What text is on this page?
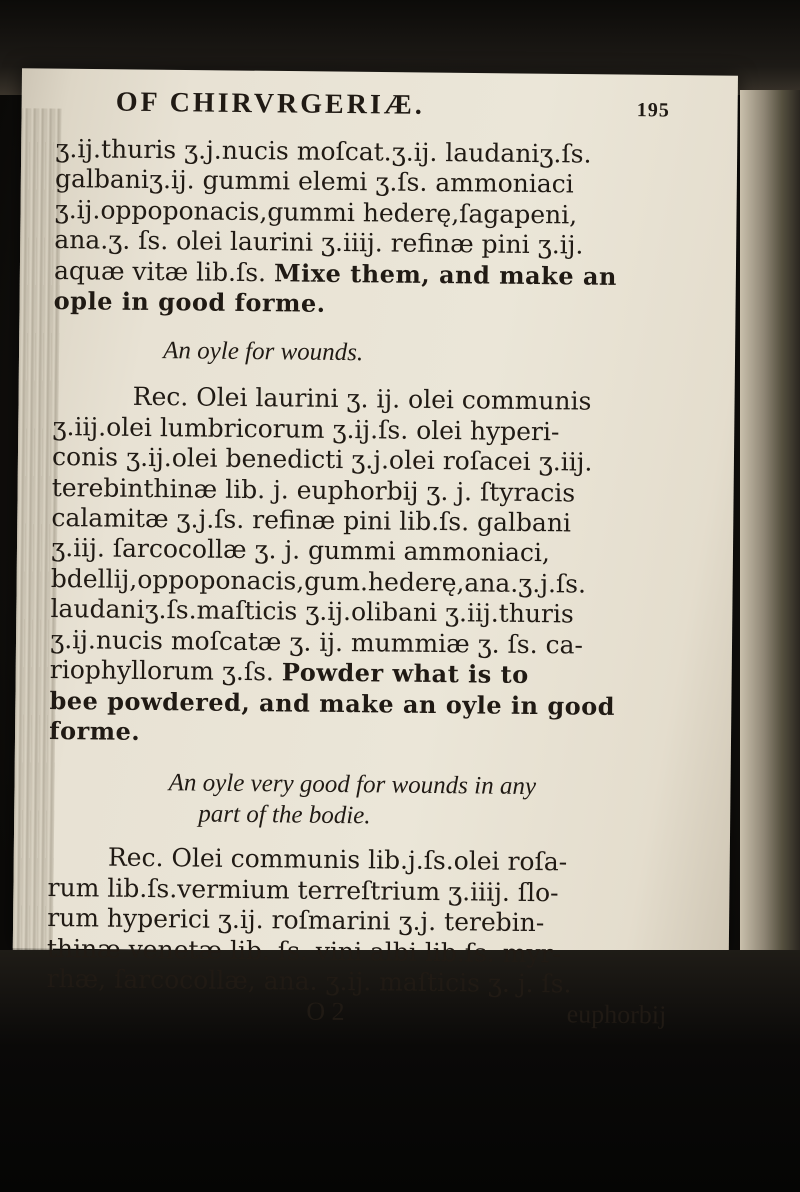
OF CHIRVRGERIÆ.	195
ʒ.ij.thuris ʒ.j.nucis moſcat.ʒ.ij. laudaniʒ.ſs.
galbaniʒ.ij. gummi elemi ʒ.ſs. ammoniaci
ʒ.ij.oppoponacis,gummi hederę,ſagapeni,
ana.ʒ. ſs. olei laurini ʒ.iiij. refinæ pini ʒ.ij.
aquæ vitæ lib.ſs. Mixe them, and make an
ople in good forme.
An oyle for wounds.
Rec. Olei laurini ʒ. ij. olei communis
ʒ.iij.olei lumbricorum ʒ.ij.ſs. olei hyperi-
conis ʒ.ij.olei benedicti ʒ.j.olei roſacei ʒ.iij.
terebinthinæ lib. j. euphorbij ʒ. j. ſtyracis
calamitæ ʒ.j.ſs. refinæ pini lib.ſs. galbani
ʒ.iij. ſarcocollæ ʒ. j. gummi ammoniaci,
bdellij,oppoponacis,gum.hederę,ana.ʒ.j.ſs.
laudaniʒ.ſs.maſticis ʒ.ij.olibani ʒ.iij.thuris
ʒ.ij.nucis moſcatæ ʒ. ij. mummiæ ʒ. ſs. ca-
riophyllorum ʒ.ſs. Powder what is to
bee powdered, and make an oyle in good
forme.
An oyle very good for wounds in any
part of the bodie.
Rec. Olei communis lib.j.ſs.olei roſa-
rum lib.ſs.vermium terreſtrium ʒ.iiij. ſlo-
rum hyperici ʒ.ij. roſmarini ʒ.j. terebin-
thinæ venetæ lib. ſs. vini albi lib.ſs. myr-
rhæ, ſarcocollæ, ana. ʒ.ij. maſticis ʒ. j. ſs.
O 2	euphorbij
